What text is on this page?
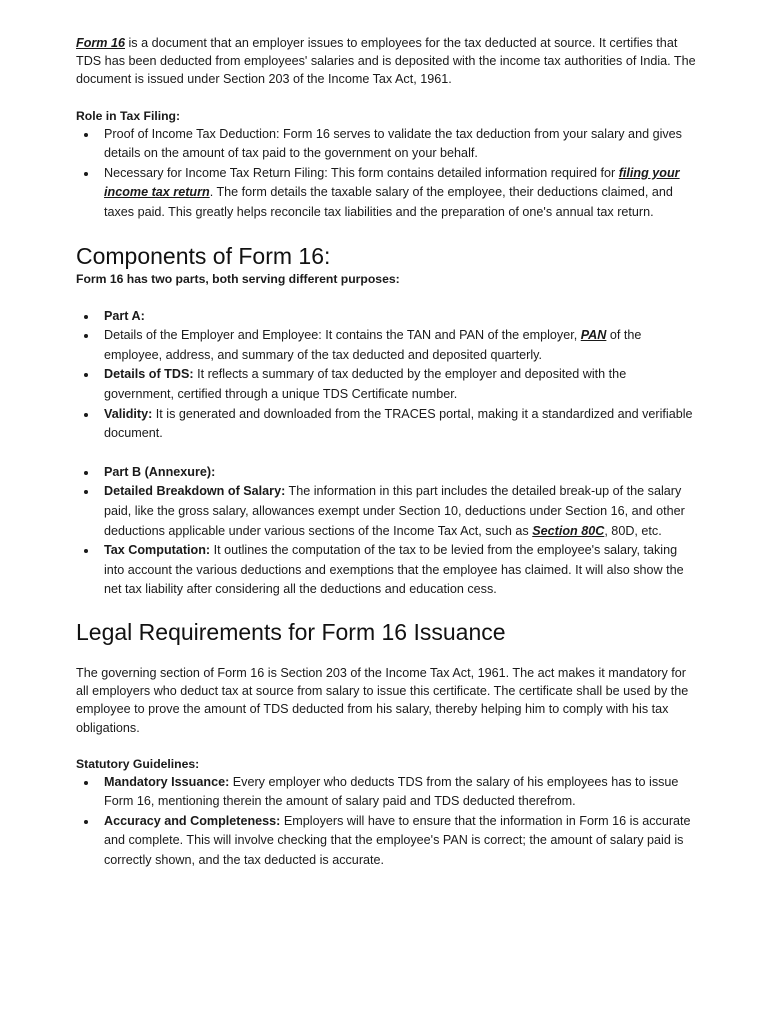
Form 16 is a document that an employer issues to employees for the tax deducted at source. It certifies that TDS has been deducted from employees' salaries and is deposited with the income tax authorities of India. The document is issued under Section 203 of the Income Tax Act, 1961.

Role in Tax Filing:

Proof of Income Tax Deduction: Form 16 serves to validate the tax deduction from your salary and gives details on the amount of tax paid to the government on your behalf.
Necessary for Income Tax Return Filing: This form contains detailed information required for filing your income tax return. The form details the taxable salary of the employee, their deductions claimed, and taxes paid. This greatly helps reconcile tax liabilities and the preparation of one's annual tax return.
Components of Form 16:

Form 16 has two parts, both serving different purposes:

Part A:
Details of the Employer and Employee: It contains the TAN and PAN of the employer, PAN of the employee, address, and summary of the tax deducted and deposited quarterly.
Details of TDS: It reflects a summary of tax deducted by the employer and deposited with the government, certified through a unique TDS Certificate number.
Validity: It is generated and downloaded from the TRACES portal, making it a standardized and verifiable document.
Part B (Annexure):
Detailed Breakdown of Salary: The information in this part includes the detailed break-up of the salary paid, like the gross salary, allowances exempt under Section 10, deductions under Section 16, and other deductions applicable under various sections of the Income Tax Act, such as Section 80C, 80D, etc.
Tax Computation: It outlines the computation of the tax to be levied from the employee's salary, taking into account the various deductions and exemptions that the employee has claimed. It will also show the net tax liability after considering all the deductions and education cess.
Legal Requirements for Form 16 Issuance

The governing section of Form 16 is Section 203 of the Income Tax Act, 1961. The act makes it mandatory for all employers who deduct tax at source from salary to issue this certificate. The certificate shall be used by the employee to prove the amount of TDS deducted from his salary, thereby helping him to comply with his tax obligations.

Statutory Guidelines:

Mandatory Issuance: Every employer who deducts TDS from the salary of his employees has to issue Form 16, mentioning therein the amount of salary paid and TDS deducted therefrom.
Accuracy and Completeness: Employers will have to ensure that the information in Form 16 is accurate and complete. This will involve checking that the employee's PAN is correct; the amount of salary paid is correctly shown, and the tax deducted is accurate.
